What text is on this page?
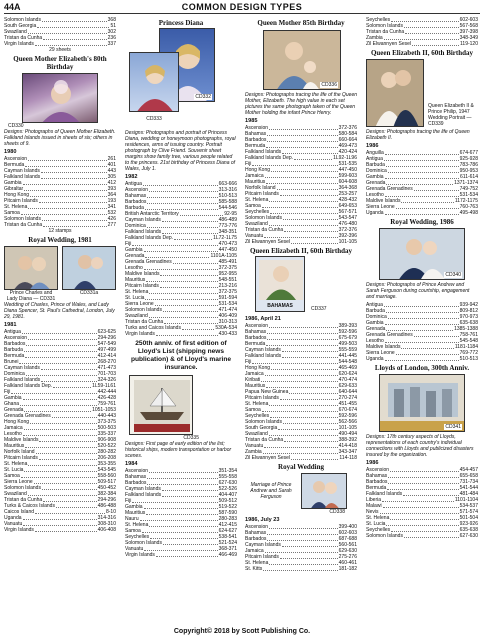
44A	COMMON DESIGN TYPES
Solomon Islands	368
South Georgia	51
Swaziland	302
Tristan da Cunha	236
Virgin Islands	337
29 sheets
Queen Mother Elizabeth's 80th Birthday
CD330
Designs: Photographs of Queen Mother Elizabeth. Falkland Islands issued in sheets of six; others in sheets of 9.
1980
Ascension	261
Bermuda	401
Cayman Islands	443
Falkland Islands	305
Gambia	412
Gibraltar	393
Hong Kong	364
Pitcairn Islands	193
St. Helena	341
Samoa	532
Solomon Islands	426
Tristan da Cunha	277
12 stamps
Royal Wedding, 1981
Prince Charles and Lady Diana — CD331
CD331a
Wedding of Charles, Prince of Wales, and Lady Diana Spencer, St. Paul's Cathedral, London, July 29, 1981.
1981
Antigua	623-625
Ascension	294-296
Barbados	547-549
Barbuda	497-499
Bermuda	412-414
Brunei	268-270
Cayman Islands	471-473
Dominica	701-703
Falkland Islands	324-326
Falkland Islands Dep.	1L59-1L61
Fiji	442-444
Gambia	426-428
Ghana	759-761
Grenada	1051-1053
Grenada Grenadines	440-443
Hong Kong	373-375
Jamaica	500-503
Lesotho	335-337
Maldive Islands	906-908
Mauritius	520-522
Norfolk Island	280-282
Pitcairn Islands	206-208
St. Helena	353-355
St. Lucia	543-545
Samoa	558-560
Sierra Leone	509-517
Solomon Islands	450-452
Swaziland	382-384
Tristan da Cunha	294-296
Turks & Caicos Islands	486-488
Caicos Island	8-10
Uganda	314-316
Vanuatu	308-310
Virgin Islands	406-408
Princess Diana
CD332
CD333
Designs: Photographs and portrait of Princess Diana, wedding or honeymoon photographs, royal residences, arms of issuing country. Portrait photograph by Clive Friend. Souvenir sheet margins show family tree, various people related to the princess. 21st birthday of Princess Diana of Wales, July 1.
1982
Antigua	663-666
Ascension	313-316
Bahamas	510-513
Barbados	585-588
Barbuda	544-546
British Antarctic Territory	92-95
Cayman Islands	486-489
Dominica	773-776
Falkland Islands	348-351
Falkland Islands Dep.	1L72-1L75
Fiji	470-473
Gambia	447-450
Grenada	1101A-1105
Grenada Grenadines	485-491
Lesotho	372-375
Maldive Islands	952-955
Mauritius	548-551
Pitcairn Islands	213-216
St. Helena	372-375
St. Lucia	591-594
Sierra Leone	531-534
Solomon Islands	471-474
Swaziland	406-409
Tristan da Cunha	310-313
Turks and Caicos Islands	530A-534
Virgin Islands	430-433
250th anniv. of first edition of Lloyd's List (shipping news publication) & of Lloyd's marine insurance.
CD335
Designs: First page of early edition of the list; historical ships, modern transportation or harbor scenes.
1984
Ascension	351-354
Bahamas	555-558
Barbados	627-630
Cayman Islands	522-526
Falkland Islands	404-407
Fiji	509-512
Gambia	519-522
Mauritius	587-590
Nauru	280-283
St. Helena	412-415
Samoa	624-627
Seychelles	538-541
Solomon Islands	521-524
Vanuatu	368-371
Virgin Islands	466-469
Queen Mother 85th Birthday
CD336
Designs: Photographs tracing the life of the Queen Mother, Elizabeth. The high value in each set pictures the same photograph taken of the Queen Mother holding the infant Prince Henry.
1985
Ascension	372-376
Bahamas	580-584
Barbados	660-664
Bermuda	469-473
Falkland Islands	420-424
Falkland Islands Dep.	1L92-1L96
Fiji	531-535
Hong Kong	447-450
Jamaica	599-603
Mauritius	604-608
Norfolk Island	364-368
Pitcairn Islands	253-257
St. Helena	428-432
Samoa	649-653
Seychelles	567-571
Solomon Islands	543-547
Swaziland	476-480
Tristan da Cunha	372-376
Vanuatu	392-396
Zil Elwannyen Sesel	101-105
Queen Elizabeth II, 60th Birthday
BAHAMAS	CD337
1986, April 21
Ascension	389-393
Bahamas	592-596
Barbados	675-679
Bermuda	499-503
Cayman Islands	555-559
Falkland Islands	441-445
Fiji	544-548
Hong Kong	465-469
Jamaica	620-624
Kiribati	470-474
Mauritius	629-633
Papua New Guinea	640-644
Pitcairn Islands	270-274
St. Helena	451-455
Samoa	670-674
Seychelles	592-596
Solomon Islands	562-566
South Georgia	101-105
Swaziland	490-494
Tristan da Cunha	388-392
Vanuatu	414-418
Zambia	343-347
Zil Elwannyen Sesel	114-118
Royal Wedding
Marriage of Prince Andrew and Sarah Ferguson
CD338
1986, July 23
Ascension	399-400
Bahamas	602-603
Barbados	687-688
Cayman Islands	560-561
Jamaica	629-630
Pitcairn Islands	275-276
St. Helena	460-461
St. Kitts	181-182
Seychelles	602-603
Solomon Islands	567-568
Tristan da Cunha	397-398
Zambia	348-349
Zil Elwannyen Sesel	119-120
Queen Elizabeth II, 60th Birthday
Queen Elizabeth II & Prince Philip, 1947 Wedding Portrait — CD339
Designs: Photographs tracing the life of Queen Elizabeth II.
1986
Anguilla	674-677
Antigua	925-928
Barbuda	783-786
Dominica	950-953
Gambia	611-614
Grenada	1371-1374
Grenada Grenadines	749-752
Lesotho	531-534
Maldive Islands	1172-1175
Sierra Leone	760-763
Uganda	495-498
Royal Wedding, 1986
CD340
Designs: Photographs of Prince Andrew and Sarah Ferguson during courtship, engagement and marriage.
Antigua	939-942
Barbuda	809-812
Dominica	970-973
Gambia	635-638
Grenada	1385-1388
Grenada Grenadines	758-761
Lesotho	545-548
Maldive Islands	1181-1184
Sierra Leone	769-772
Uganda	510-513
Lloyds of London, 300th Anniv.
CD341
Designs: 17th century aspects of Lloyds, representations of each country's individual connections with Lloyds and publicized disasters insured by the organization.
1986
Ascension	454-457
Bahamas	655-658
Barbados	731-734
Bermuda	541-544
Falkland Islands	481-484
Liberia	1101-1104
Malawi	534-537
Nevis	571-574
St. Helena	501-504
St. Lucia	923-926
Seychelles	635-638
Solomon Islands	627-630
Copyright© 2018 by Scott Publishing Co.
